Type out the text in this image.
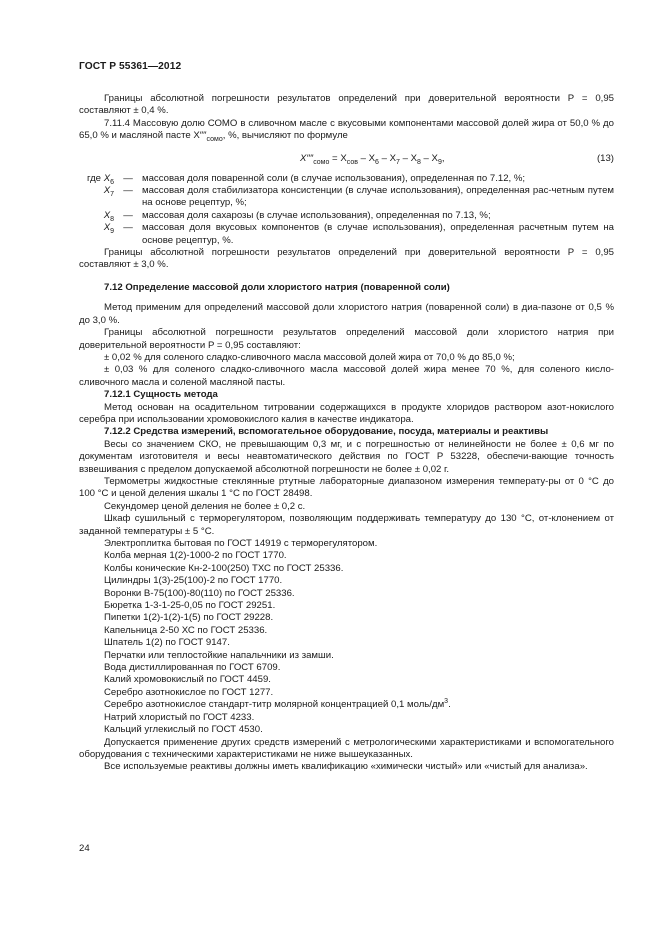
ГОСТ Р 55361—2012

Границы абсолютной погрешности результатов определений при доверительной вероятности P = 0,95 составляют ± 0,4 %.

7.11.4 Массовую долю СОМО в сливочном масле с вкусовыми компонентами массовой долей жира от 50,0 % до 65,0 % и масляной пасте $X''''_{сомо}$, %, вычисляют по формуле

$X''''_{сомо} = X_{сов} - X_6 - X_7 - X_8 - X_9$,	(13)
где $X_6$ — массовая доля поваренной соли (в случае использования), определенная по 7.12, %;
$X_7$ — массовая доля стабилизатора консистенции (в случае использования), определенная рас-четным путем на основе рецептур, %;
$X_8$ — массовая доля сахарозы (в случае использования), определенная по 7.13, %;
$X_9$ — массовая доля вкусовых компонентов (в случае использования), определенная расчетным путем на основе рецептур, %.

Границы абсолютной погрешности результатов определений при доверительной вероятности P = 0,95 составляют ± 3,0 %.

7.12 Определение массовой доли хлористого натрия (поваренной соли)

Метод применим для определений массовой доли хлористого натрия (поваренной соли) в диа-пазоне от 0,5 % до 3,0 %.

Границы абсолютной погрешности результатов определений массовой доли хлористого натрия при доверительной вероятности P = 0,95 составляют:

± 0,02 % для соленого сладко-сливочного масла массовой долей жира от 70,0 % до 85,0 %;

± 0,03 % для соленого сладко-сливочного масла массовой долей жира менее 70 %, для соленого кисло-сливочного масла и соленой масляной пасты.

7.12.1 Сущность метода

Метод основан на осадительном титровании содержащихся в продукте хлоридов раствором азот-нокислого серебра при использовании хромовокислого калия в качестве индикатора.

7.12.2 Средства измерений, вспомогательное оборудование, посуда, материалы и реактивы

Весы со значением СКО, не превышающим 0,3 мг, и с погрешностью от нелинейности не более ± 0,6 мг по документам изготовителя и весы неавтоматического действия по ГОСТ Р 53228, обеспечи-вающие точность взвешивания с пределом допускаемой абсолютной погрешности не более ± 0,02 г.

Термометры жидкостные стеклянные ртутные лабораторные диапазоном измерения температу-ры от 0 °С до 100 °С и ценой деления шкалы 1 °С по ГОСТ 28498.

Секундомер ценой деления не более ± 0,2 с.

Шкаф сушильный с терморегулятором, позволяющим поддерживать температуру до 130 °С, от-клонением от заданной температуры ± 5 °С.

Электроплитка бытовая по ГОСТ 14919 с терморегулятором.

Колба мерная 1(2)-1000-2 по ГОСТ 1770.

Колбы конические Кн-2-100(250) ТХС по ГОСТ 25336.

Цилиндры 1(3)-25(100)-2 по ГОСТ 1770.

Воронки В-75(100)-80(110) по ГОСТ 25336.

Бюретка 1-3-1-25-0,05 по ГОСТ 29251.

Пипетки 1(2)-1(2)-1(5) по ГОСТ 29228.

Капельница 2-50 ХС по ГОСТ 25336.

Шпатель 1(2) по ГОСТ 9147.

Перчатки или теплостойкие напальчники из замши.

Вода дистиллированная по ГОСТ 6709.

Калий хромовокислый по ГОСТ 4459.

Серебро азотнокислое по ГОСТ 1277.

Серебро азотнокислое стандарт-титр молярной концентрацией 0,1 моль/$дм^3$.

Натрий хлористый по ГОСТ 4233.

Кальций углекислый по ГОСТ 4530.

Допускается применение других средств измерений с метрологическими характеристиками и вспомогательного оборудования с техническими характеристиками не ниже вышеуказанных.

Все используемые реактивы должны иметь квалификацию «химически чистый» или «чистый для анализа».

24
